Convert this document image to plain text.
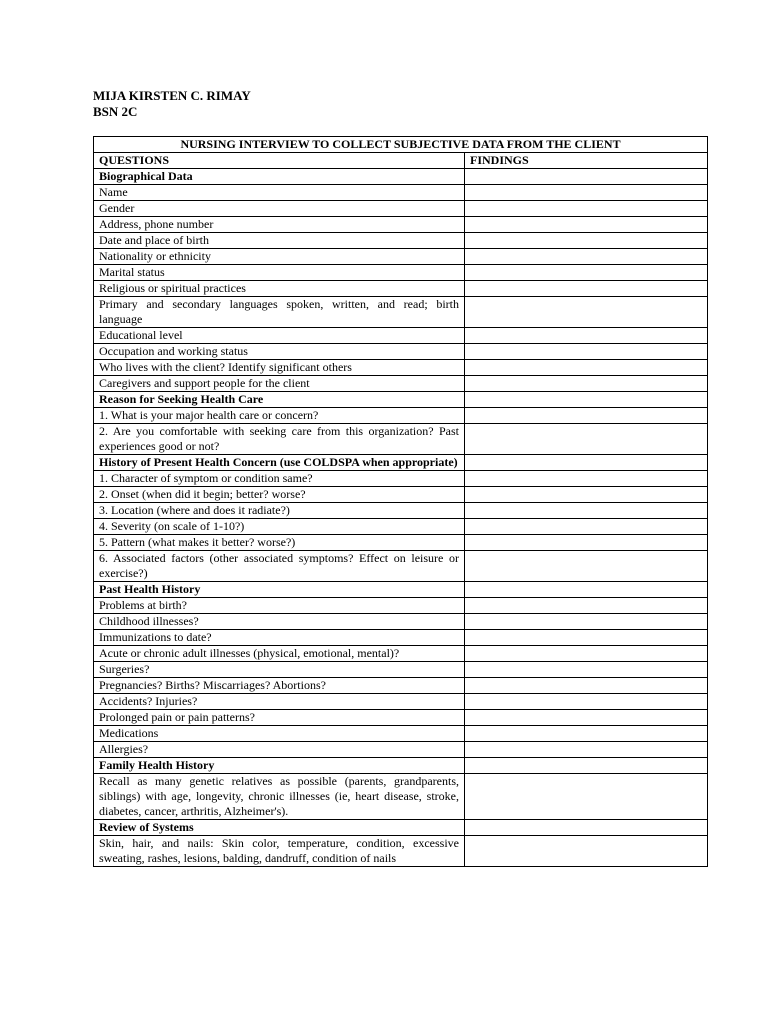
MIJA KIRSTEN C. RIMAY
BSN 2C
NURSING INTERVIEW TO COLLECT SUBJECTIVE DATA FROM THE CLIENT	
QUESTIONS	FINDINGS
Biographical Data	
Name	
Gender	
Address, phone number	
Date and place of birth	
Nationality or ethnicity	
Marital status	
Religious or spiritual practices	
Primary and secondary languages spoken, written, and read; birth language	
Educational level	
Occupation and working status	
Who lives with the client? Identify significant others	
Caregivers and support people for the client	
Reason for Seeking Health Care	
1. What is your major health care or concern?	
2. Are you comfortable with seeking care from this organization? Past experiences good or not?	
History of Present Health Concern (use COLDSPA when appropriate)	
1. Character of symptom or condition same?	
2. Onset (when did it begin; better? worse?	
3. Location (where and does it radiate?)	
4. Severity (on scale of 1-10?)	
5. Pattern (what makes it better? worse?)	
6. Associated factors (other associated symptoms? Effect on leisure or exercise?)	
Past Health History	
Problems at birth?	
Childhood illnesses?	
Immunizations to date?	
Acute or chronic adult illnesses (physical, emotional, mental)?	
Surgeries?	
Pregnancies? Births? Miscarriages? Abortions?	
Accidents? Injuries?	
Prolonged pain or pain patterns?	
Medications	
Allergies?	
Family Health History	
Recall as many genetic relatives as possible (parents, grandparents, siblings) with age, longevity, chronic illnesses (ie, heart disease, stroke, diabetes, cancer, arthritis, Alzheimer's).	
Review of Systems	
Skin, hair, and nails: Skin color, temperature, condition, excessive sweating, rashes, lesions, balding, dandruff, condition of nails	
